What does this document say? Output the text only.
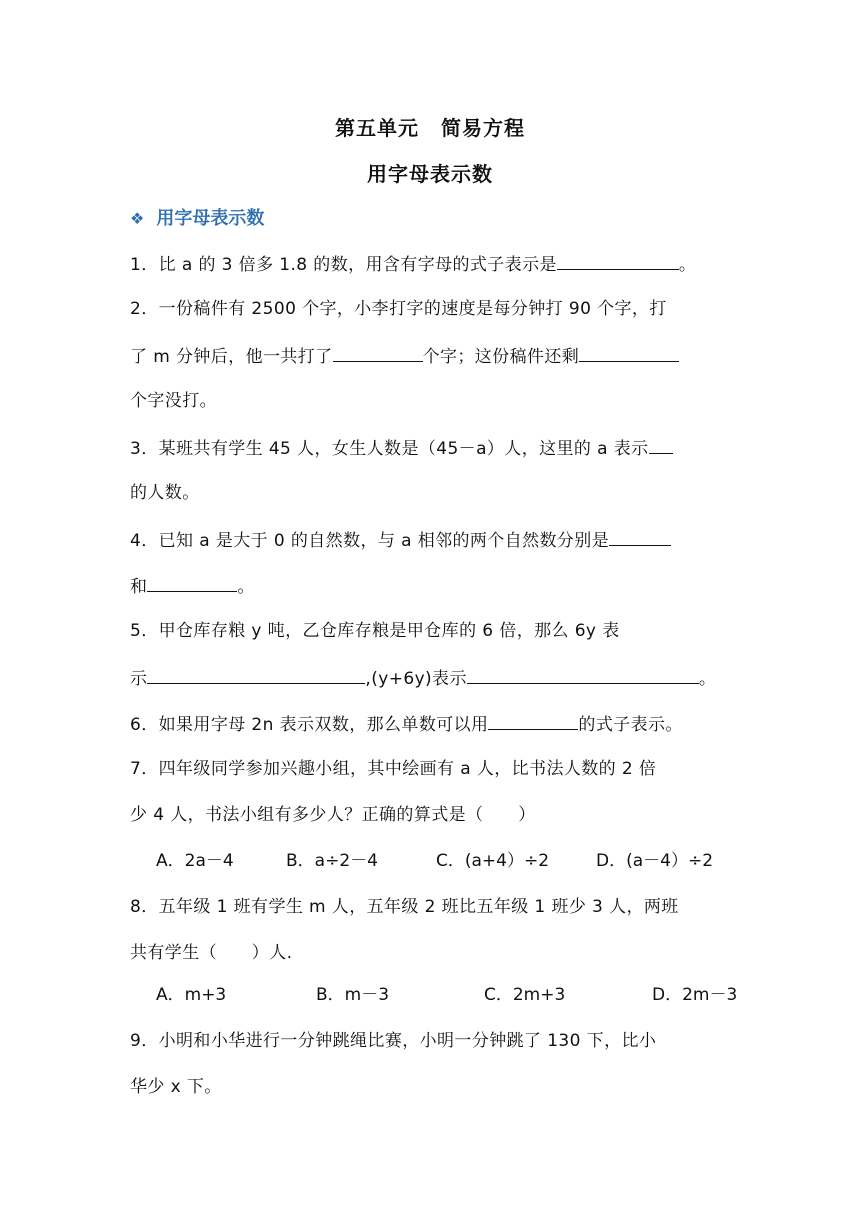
第五单元 简易方程
用字母表示数
❖ 用字母表示数
1．比 a 的 3 倍多 1.8 的数，用含有字母的式子表示是	。
2．一份稿件有 2500 个字，小李打字的速度是每分钟打 90 个字，打
了 m 分钟后，他一共打了	个字；这份稿件还剩
个字没打。
3．某班共有学生 45 人，女生人数是（45－a）人，这里的 a 表示
的人数。
4．已知 a 是大于 0 的自然数，与 a 相邻的两个自然数分别是
和	。
5．甲仓库存粮 y 吨，乙仓库存粮是甲仓库的 6 倍，那么 6y 表
示	,(y+6y)表示	。
6．如果用字母 2n 表示双数，那么单数可以用	的式子表示。
7．四年级同学参加兴趣小组，其中绘画有 a 人，比书法人数的 2 倍
少 4 人，书法小组有多少人？正确的算式是（　　）
A．2a－4	B．a÷2－4	C．(a+4）÷2	D．(a－4）÷2
8．五年级 1 班有学生 m 人，五年级 2 班比五年级 1 班少 3 人，两班
共有学生（　　）人.
A．m+3	B．m－3	C．2m+3	D．2m－3
9．小明和小华进行一分钟跳绳比赛，小明一分钟跳了 130 下，比小
华少 x 下。
